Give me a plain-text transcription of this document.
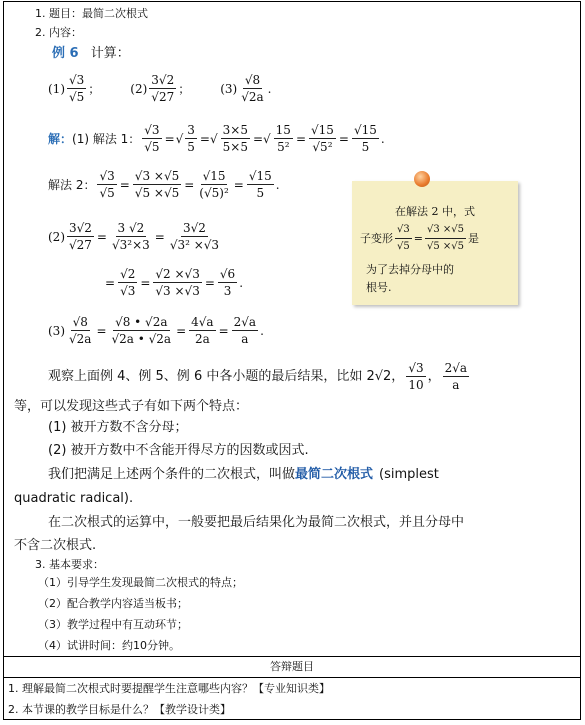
1. 题目：最简二次根式
2. 内容：
例 6 计算：
$(1) \frac{√3}{√5}$ ；	$(2) \frac{3√2}{√27}$ ；	$(3) \frac{√8}{√2a}$ .
解： (1) 解法 1： $\frac{√3}{√5}$ = √ $\frac{3}{5}$ =√ $\frac{3\times 5}{5\times 5}$ =√ $\frac{15}{\text{5²}} = \frac{√15}{\text{√5²}} = \frac{√15}{5}$ .
解法 2： $\frac{√3}{√5} = \frac{√3 \times√5}{√5 \times√5} = \frac{√15}{\text{(√5)²}} = \frac{√15}{5}$ .
$(2) \frac{3√2}{√27} = \frac{3 √2}{\text{√3²×3}} = \frac{3√2}{\text{√3² ×√3}}$
= $\frac{√2}{√3} = \frac{√2 \times√3}{√3 \times√3} = \frac{√6}{3}$ .
$(3) \frac{√8}{√2a} = \frac{√8 • √2a}{√2a • √2a} = \frac{4√a}{2a} = \frac{2√a}{a}$ .
在解法 2 中，式
子变形 $\frac{√3}{√5} = \frac{√3 \times√5}{√5 \times√5}$ 是
为了去掉分母中的
根号.
观察上面例 4、例 5、例 6 中各小题的最后结果，比如 2√2， $\frac{√3}{10}$ ， $\frac{2√a}{a}$
等，可以发现这些式子有如下两个特点：
(1) 被开方数不含分母；
(2) 被开方数中不含能开得尽方的因数或因式.
我们把满足上述两个条件的二次根式，叫做最简二次根式 (simplest
quadratic radical).
在二次根式的运算中，一般要把最后结果化为最简二次根式，并且分母中
不含二次根式.
3. 基本要求：
（1）引导学生发现最简二次根式的特点；
（2）配合教学内容适当板书；
（3）教学过程中有互动环节；
（4）试讲时间：约10分钟。
答辩题目
1. 理解最简二次根式时要提醒学生注意哪些内容？【专业知识类】
2. 本节课的教学目标是什么？【教学设计类】
